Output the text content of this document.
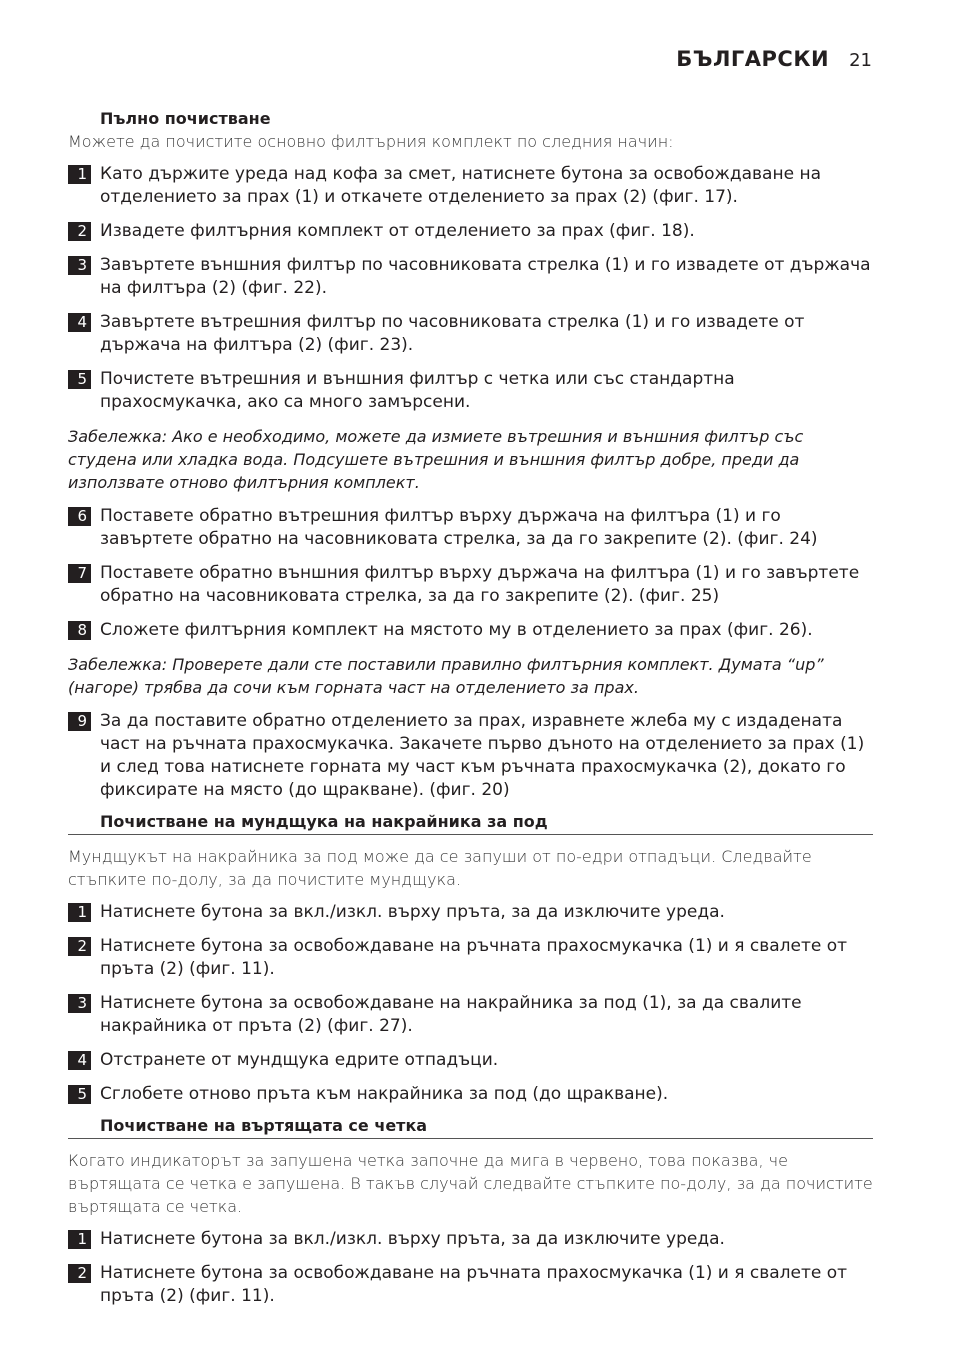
БЪЛГАРСКИ 21
Пълно почистване
Можете да почистите основно филтърния комплект по следния начин:
1 Като държите уреда над кофа за смет, натиснете бутона за освобождаване на отделението за прах (1) и откачете отделението за прах (2) (фиг. 17).
2 Извадете филтърния комплект от отделението за прах (фиг. 18).
3 Завъртете външния филтър по часовниковата стрелка (1) и го извадете от държача на филтъра (2) (фиг. 22).
4 Завъртете вътрешния филтър по часовниковата стрелка (1) и го извадете от държача на филтъра (2) (фиг. 23).
5 Почистете вътрешния и външния филтър с четка или със стандартна прахосмукачка, ако са много замърсени.
Забележка: Ако е необходимо, можете да измиете вътрешния и външния филтър със студена или хладка вода. Подсушете вътрешния и външния филтър добре, преди да използвате отново филтърния комплект.
6 Поставете обратно вътрешния филтър върху държача на филтъра (1) и го завъртете обратно на часовниковата стрелка, за да го закрепите (2). (фиг. 24)
7 Поставете обратно външния филтър върху държача на филтъра (1) и го завъртете обратно на часовниковата стрелка, за да го закрепите (2). (фиг. 25)
8 Сложете филтърния комплект на мястото му в отделението за прах (фиг. 26).
Забележка: Проверете дали сте поставили правилно филтърния комплект. Думата “up” (нагоре) трябва да сочи към горната част на отделението за прах.
9 За да поставите обратно отделението за прах, изравнете жлеба му с издадената част на ръчната прахосмукачка. Закачете първо дъното на отделението за прах (1) и след това натиснете горната му част към ръчната прахосмукачка (2), докато го фиксирате на място (до щракване). (фиг. 20)
Почистване на мундщука на накрайника за под
Мундщукът на накрайника за под може да се запуши от по-едри отпадъци. Следвайте стъпките по-долу, за да почистите мундщука.
1 Натиснете бутона за вкл./изкл. върху пръта, за да изключите уреда.
2 Натиснете бутона за освобождаване на ръчната прахосмукачка (1) и я свалете от пръта (2) (фиг. 11).
3 Натиснете бутона за освобождаване на накрайника за под (1), за да свалите накрайника от пръта (2) (фиг. 27).
4 Отстранете от мундщука едрите отпадъци.
5 Сглобете отново пръта към накрайника за под (до щракване).
Почистване на въртящата се четка
Когато индикаторът за запушена четка започне да мига в червено, това показва, че въртящата се четка е запушена. В такъв случай следвайте стъпките по-долу, за да почистите въртящата се четка.
1 Натиснете бутона за вкл./изкл. върху пръта, за да изключите уреда.
2 Натиснете бутона за освобождаване на ръчната прахосмукачка (1) и я свалете от пръта (2) (фиг. 11).
